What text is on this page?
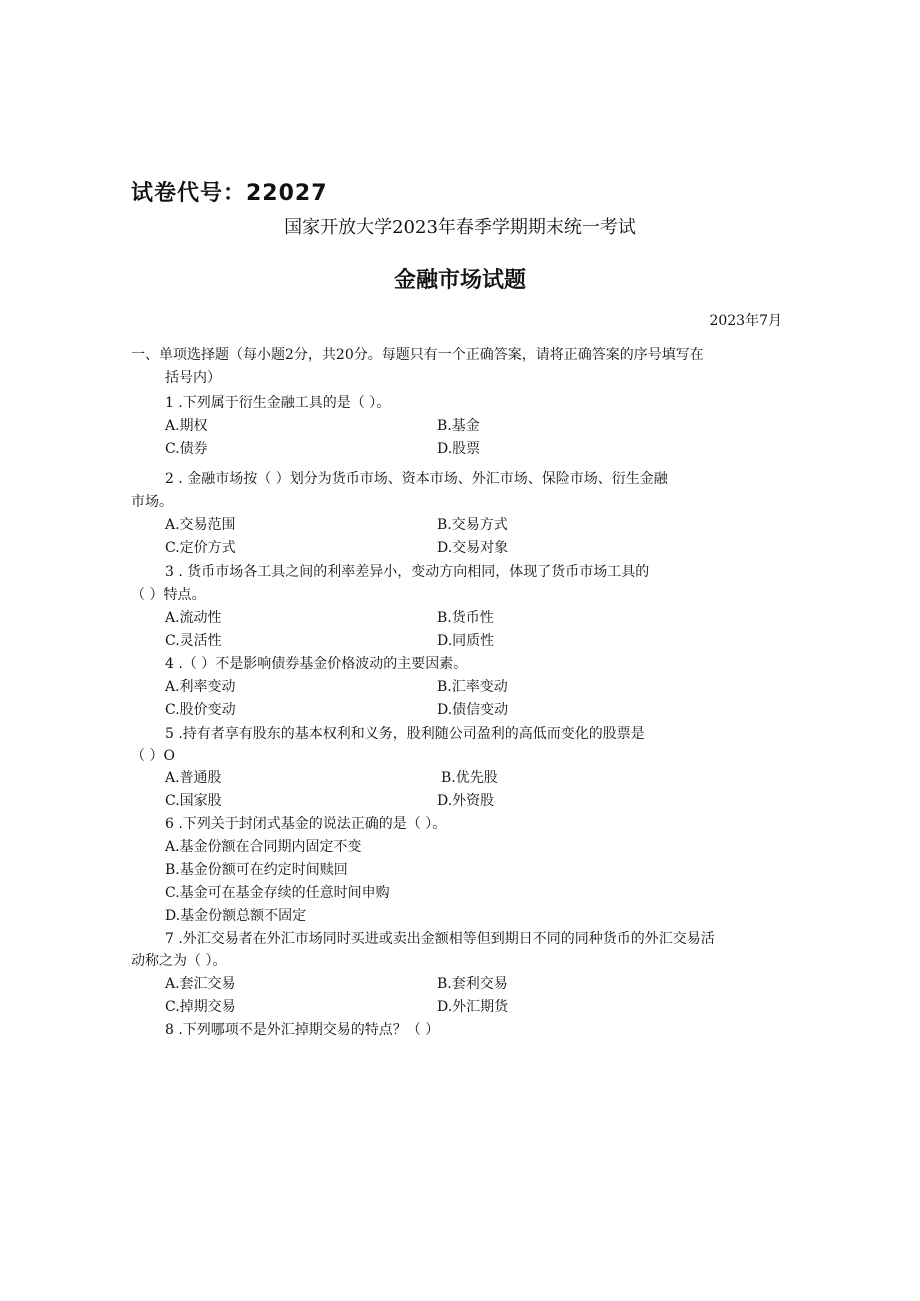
试卷代号：22027
国家开放大学2023年春季学期期末统一考试
金融市场试题
2023年7月
一、单项选择题（每小题2分，共20分。每题只有一个正确答案，请将正确答案的序号填写在
括号内）
1 .下列属于衍生金融工具的是（ ）。
A.期权	B.基金
C.债券	D.股票
2 . 金融市场按（ ）划分为货币市场、资本市场、外汇市场、保险市场、衍生金融
市场。
A.交易范围	B.交易方式
C.定价方式	D.交易对象
3 . 货币市场各工具之间的利率差异小，变动方向相同，体现了货币市场工具的
（ ）特点。
A.流动性	B.货币性
C.灵活性	D.同质性
4 .（ ）不是影响债券基金价格波动的主要因素。
A.利率变动	B.汇率变动
C.股价变动	D.债信变动
5 .持有者享有股东的基本权利和义务，股利随公司盈利的高低而变化的股票是
（ ）O
A.普通股	B.优先股
C.国家股	D.外资股
6 .下列关于封闭式基金的说法正确的是（ ）。
A.基金份额在合同期内固定不变
B.基金份额可在约定时间赎回
C.基金可在基金存续的任意时间申购
D.基金份额总额不固定
7 .外汇交易者在外汇市场同时买进或卖出金额相等但到期日不同的同种货币的外汇交易活
动称之为（ ）。
A.套汇交易	B.套利交易
C.掉期交易	D.外汇期货
8 .下列哪项不是外汇掉期交易的特点？（ ）
